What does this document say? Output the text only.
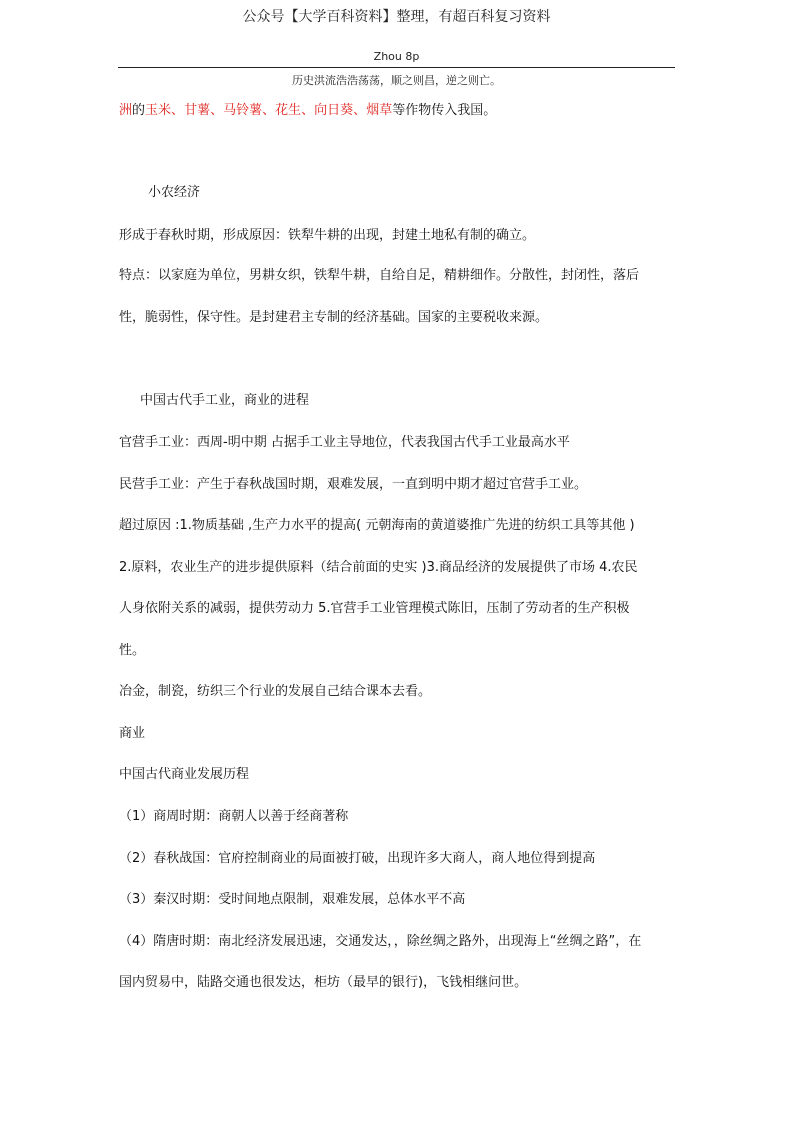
公众号【大学百科资料】整理，有超百科复习资料
Zhou 8p
历史洪流浩浩荡荡，顺之则昌，逆之则亡。
洲的玉米、甘薯、马铃薯、花生、向日葵、烟草等作物传入我国。
小农经济
形成于春秋时期，形成原因：铁犁牛耕的出现，封建土地私有制的确立。
特点：以家庭为单位，男耕女织，铁犁牛耕，自给自足，精耕细作。分散性，封闭性，落后
性，脆弱性，保守性。是封建君主专制的经济基础。国家的主要税收来源。
中国古代手工业，商业的进程
官营手工业：西周-明中期 占据手工业主导地位，代表我国古代手工业最高水平
民营手工业：产生于春秋战国时期，艰难发展，一直到明中期才超过官营手工业。
超过原因 :1.物质基础 ,生产力水平的提高( 元朝海南的黄道婆推广先进的纺织工具等其他 )
2.原料，农业生产的进步提供原料（结合前面的史实 )3.商品经济的发展提供了市场 4.农民
人身依附关系的减弱，提供劳动力 5.官营手工业管理模式陈旧，压制了劳动者的生产积极
性。
冶金，制瓷，纺织三个行业的发展自己结合课本去看。
商业
中国古代商业发展历程
（1）商周时期：商朝人以善于经商著称
（2）春秋战国：官府控制商业的局面被打破，出现许多大商人，商人地位得到提高
（3）秦汉时期：受时间地点限制，艰难发展，总体水平不高
（4）隋唐时期：南北经济发展迅速，交通发达，，除丝绸之路外，出现海上“丝绸之路”，在
国内贸易中，陆路交通也很发达，柜坊（最早的银行)，飞钱相继问世。
